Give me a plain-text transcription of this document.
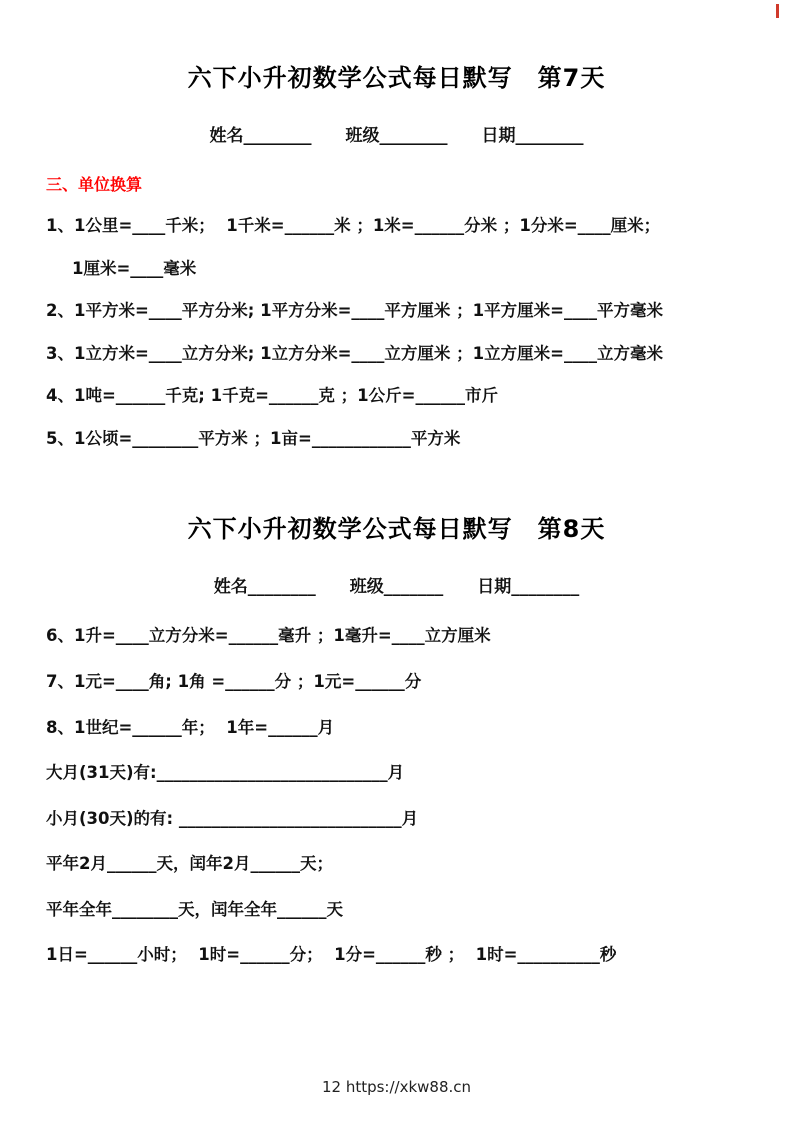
六下小升初数学公式每日默写　第7天
姓名________　　班级________　　日期________
三、单位换算
1、1公里=____千米；  1千米=______米 ；1米=______分米 ；1分米=____厘米；
1厘米=____毫米
2、1平方米=____平方分米; 1平方分米=____平方厘米 ；1平方厘米=____平方毫米
3、1立方米=____立方分米; 1立方分米=____立方厘米 ；1立方厘米=____立方毫米
4、1吨=______千克; 1千克=______克 ；1公斤=______市斤
5、1公顷=________平方米 ；1亩=____________平方米
六下小升初数学公式每日默写　第8天
姓名________　　班级_______　　日期________
6、1升=____立方分米=______毫升 ；1毫升=____立方厘米
7、1元=____角; 1角 =______分 ；1元=______分
8、1世纪=______年；  1年=______月
大月(31天)有:____________________________月
小月(30天)的有: ___________________________月
平年2月______天，闰年2月______天；
平年全年________天，闰年全年______天
1日=______小时；  1时=______分；  1分=______秒 ；  1时=__________秒
12 https://xkw88.cn
